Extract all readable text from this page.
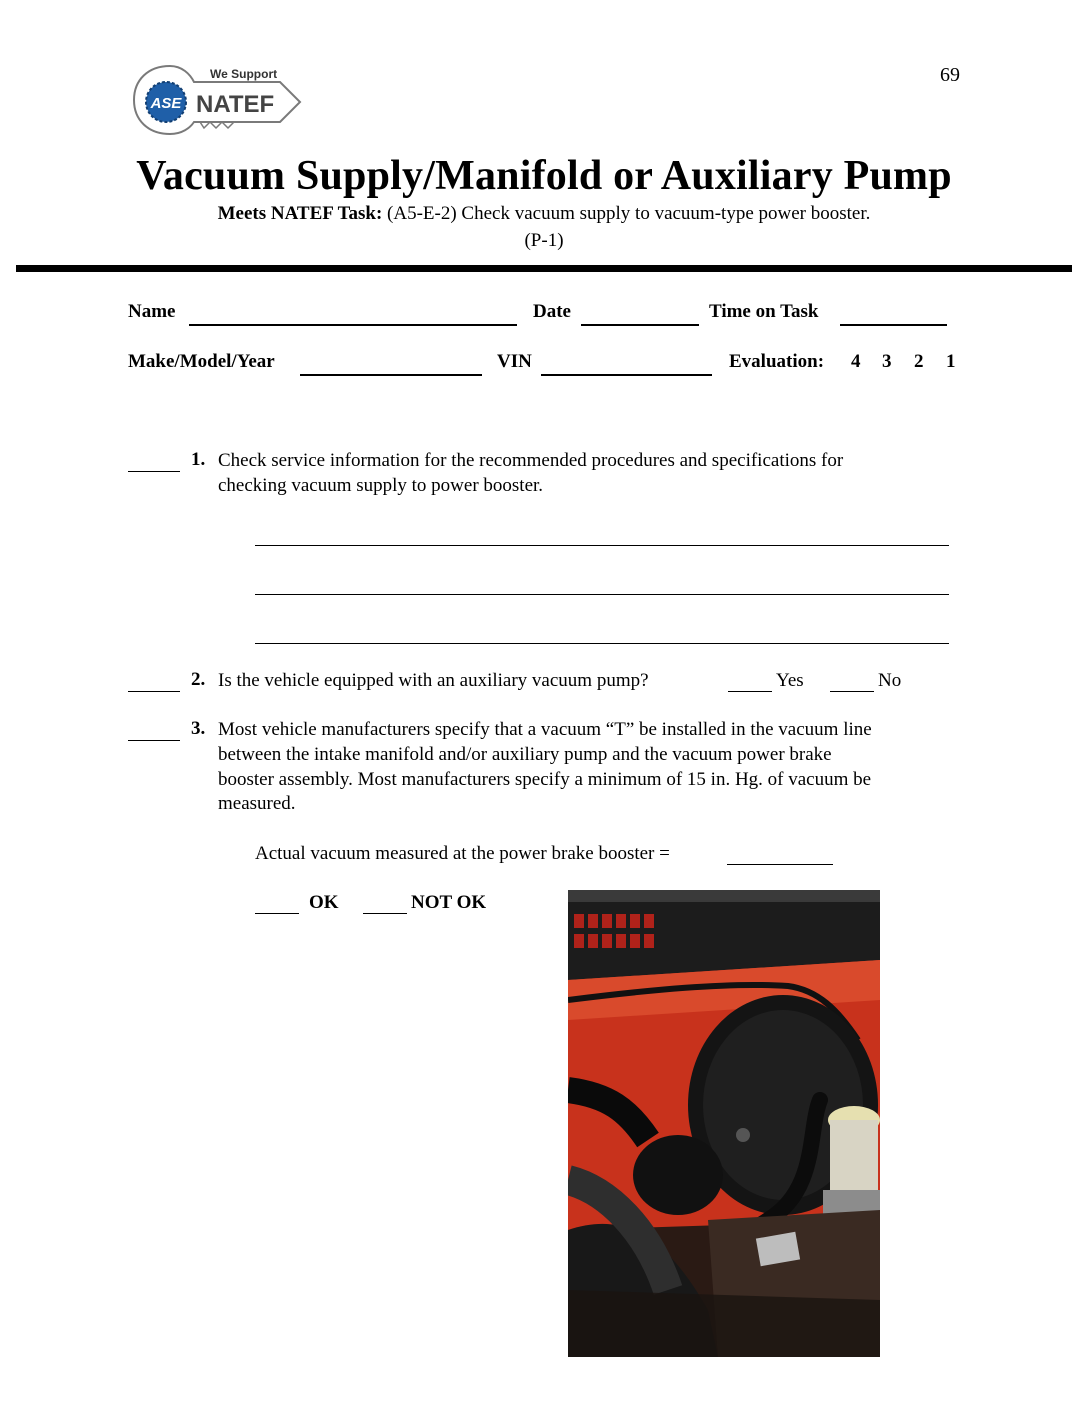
ASE
We Support
NATEF
69
Vacuum Supply/Manifold or Auxiliary Pump
Meets NATEF Task: (A5-E-2) Check vacuum supply to vacuum-type power booster.
(P-1)
Name	Date	Time on Task
Make/Model/Year	VIN	Evaluation: 4 3 2 1
1. Check service information for the recommended procedures and specifications for
checking vacuum supply to power booster.
2. Is the vehicle equipped with an auxiliary vacuum pump?	Yes	No
3. Most vehicle manufacturers specify that a vacuum “T” be installed in the vacuum line
between the intake manifold and/or auxiliary pump and the vacuum power brake
booster assembly. Most manufacturers specify a minimum of 15 in. Hg. of vacuum be
measured.
Actual vacuum measured at the power brake booster =
OK	NOT OK
